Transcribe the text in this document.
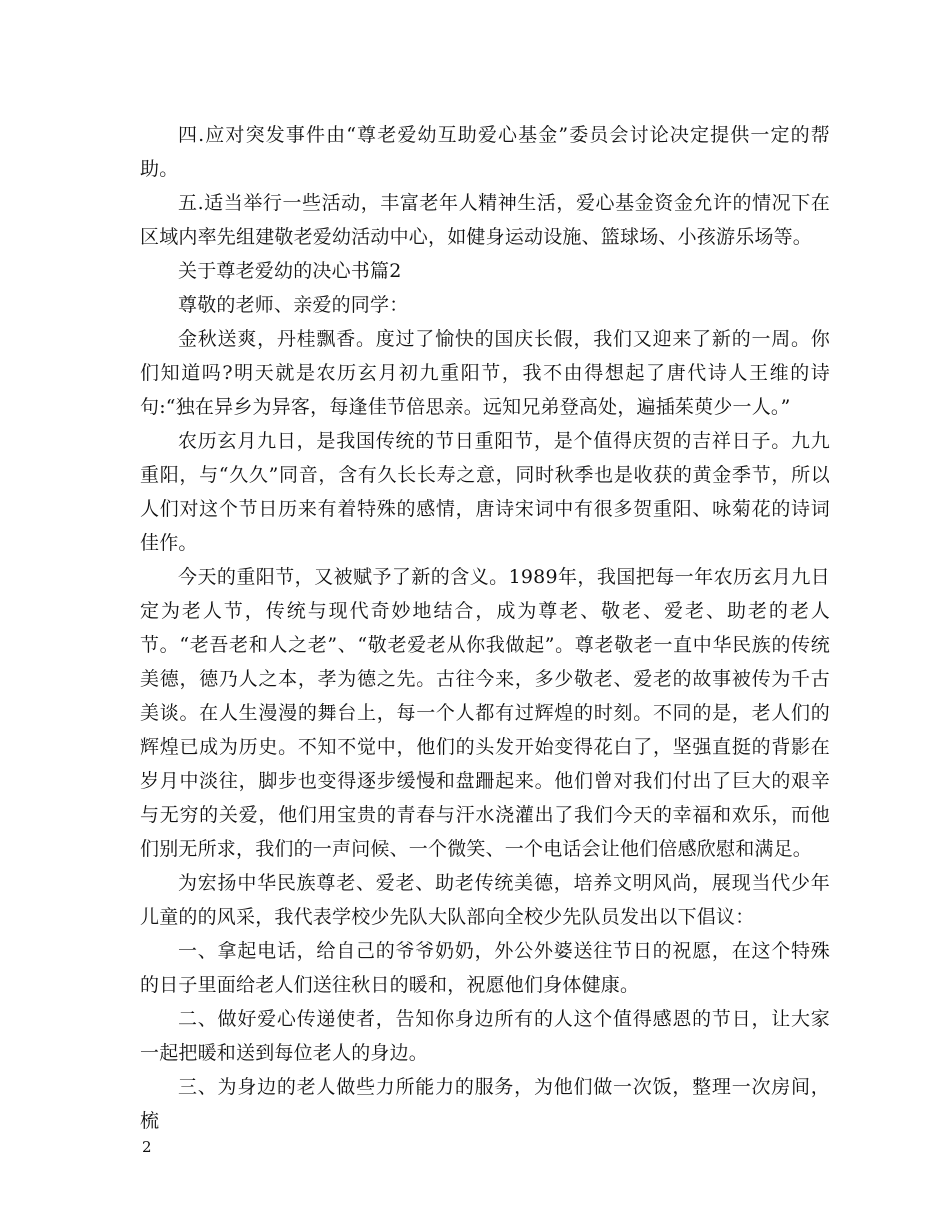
四.应对突发事件由“尊老爱幼互助爱心基金”委员会讨论决定提供一定的帮助。

五.适当举行一些活动，丰富老年人精神生活，爱心基金资金允许的情况下在区域内率先组建敬老爱幼活动中心，如健身运动设施、篮球场、小孩游乐场等。

关于尊老爱幼的决心书篇2

尊敬的老师、亲爱的同学：

金秋送爽，丹桂飘香。度过了愉快的国庆长假，我们又迎来了新的一周。你们知道吗?明天就是农历玄月初九重阳节，我不由得想起了唐代诗人王维的诗句:“独在异乡为异客，每逢佳节倍思亲。远知兄弟登高处，遍插茱萸少一人。”

农历玄月九日，是我国传统的节日重阳节，是个值得庆贺的吉祥日子。九九重阳，与“久久”同音，含有久长长寿之意，同时秋季也是收获的黄金季节，所以人们对这个节日历来有着特殊的感情，唐诗宋词中有很多贺重阳、咏菊花的诗词佳作。

今天的重阳节，又被赋予了新的含义。1989年，我国把每一年农历玄月九日定为老人节，传统与现代奇妙地结合，成为尊老、敬老、爱老、助老的老人节。“老吾老和人之老”、“敬老爱老从你我做起”。尊老敬老一直中华民族的传统美德，德乃人之本，孝为德之先。古往今来，多少敬老、爱老的故事被传为千古美谈。在人生漫漫的舞台上，每一个人都有过辉煌的时刻。不同的是，老人们的辉煌已成为历史。不知不觉中，他们的头发开始变得花白了，坚强直挺的背影在岁月中淡往，脚步也变得逐步缓慢和盘跚起来。他们曾对我们付出了巨大的艰辛与无穷的关爱，他们用宝贵的青春与汗水浇灌出了我们今天的幸福和欢乐，而他们别无所求，我们的一声问候、一个微笑、一个电话会让他们倍感欣慰和满足。

为宏扬中华民族尊老、爱老、助老传统美德，培养文明风尚，展现当代少年儿童的的风采，我代表学校少先队大队部向全校少先队员发出以下倡议：

一、拿起电话，给自己的爷爷奶奶，外公外婆送往节日的祝愿，在这个特殊的日子里面给老人们送往秋日的暖和，祝愿他们身体健康。

二、做好爱心传递使者，告知你身边所有的人这个值得感恩的节日，让大家一起把暖和送到每位老人的身边。

三、为身边的老人做些力所能力的服务，为他们做一次饭，整理一次房间，梳

2
